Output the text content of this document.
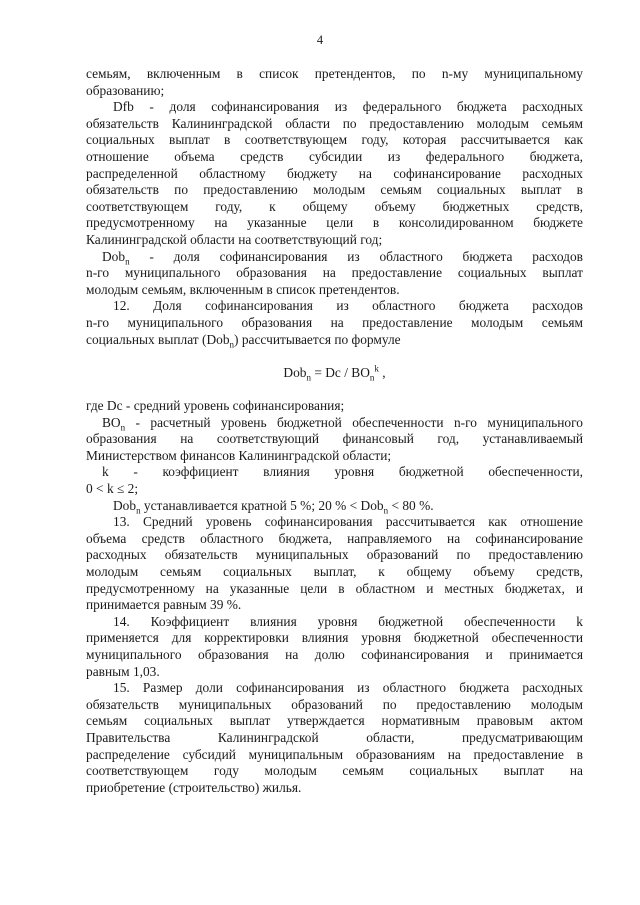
4
семьям, включенным в список претендентов, по n-му муниципальному
образованию;
Dfb - доля софинансирования из федерального бюджета расходных
обязательств Калининградской области по предоставлению молодым семьям
социальных выплат в соответствующем году, которая рассчитывается как
отношение объема средств субсидии из федерального бюджета,
распределенной областному бюджету на софинансирование расходных
обязательств по предоставлению молодым семьям социальных выплат в
соответствующем году, к общему объему бюджетных средств,
предусмотренному на указанные цели в консолидированном бюджете
Калининградской области на соответствующий год;
Dob$_n$ - доля софинансирования из областного бюджета расходов
n-го муниципального образования на предоставление социальных выплат
молодым семьям, включенным в список претендентов.
12. Доля софинансирования из областного бюджета расходов
n-го муниципального образования на предоставление молодым семьям
социальных выплат (Dob$_n$) рассчитывается по формуле
$Dob_n = Dc / BO_n^k$ ,
где Dc - средний уровень софинансирования;
$BO_n$ - расчетный уровень бюджетной обеспеченности n-го муниципального
образования на соответствующий финансовый год, устанавливаемый
Министерством финансов Калининградской области;
k - коэффициент влияния уровня бюджетной обеспеченности,
0 < k ≤ 2;
Dob$_n$ устанавливается кратной 5 %; 20 % < Dob$_n$ < 80 %.
13. Средний уровень софинансирования рассчитывается как отношение
объема средств областного бюджета, направляемого на софинансирование
расходных обязательств муниципальных образований по предоставлению
молодым семьям социальных выплат, к общему объему средств,
предусмотренному на указанные цели в областном и местных бюджетах, и
принимается равным 39 %.
14. Коэффициент влияния уровня бюджетной обеспеченности k
применяется для корректировки влияния уровня бюджетной обеспеченности
муниципального образования на долю софинансирования и принимается
равным 1,03.
15. Размер доли софинансирования из областного бюджета расходных
обязательств муниципальных образований по предоставлению молодым
семьям социальных выплат утверждается нормативным правовым актом
Правительства Калининградской области, предусматривающим
распределение субсидий муниципальным образованиям на предоставление в
соответствующем году молодым семьям социальных выплат на
приобретение (строительство) жилья.
